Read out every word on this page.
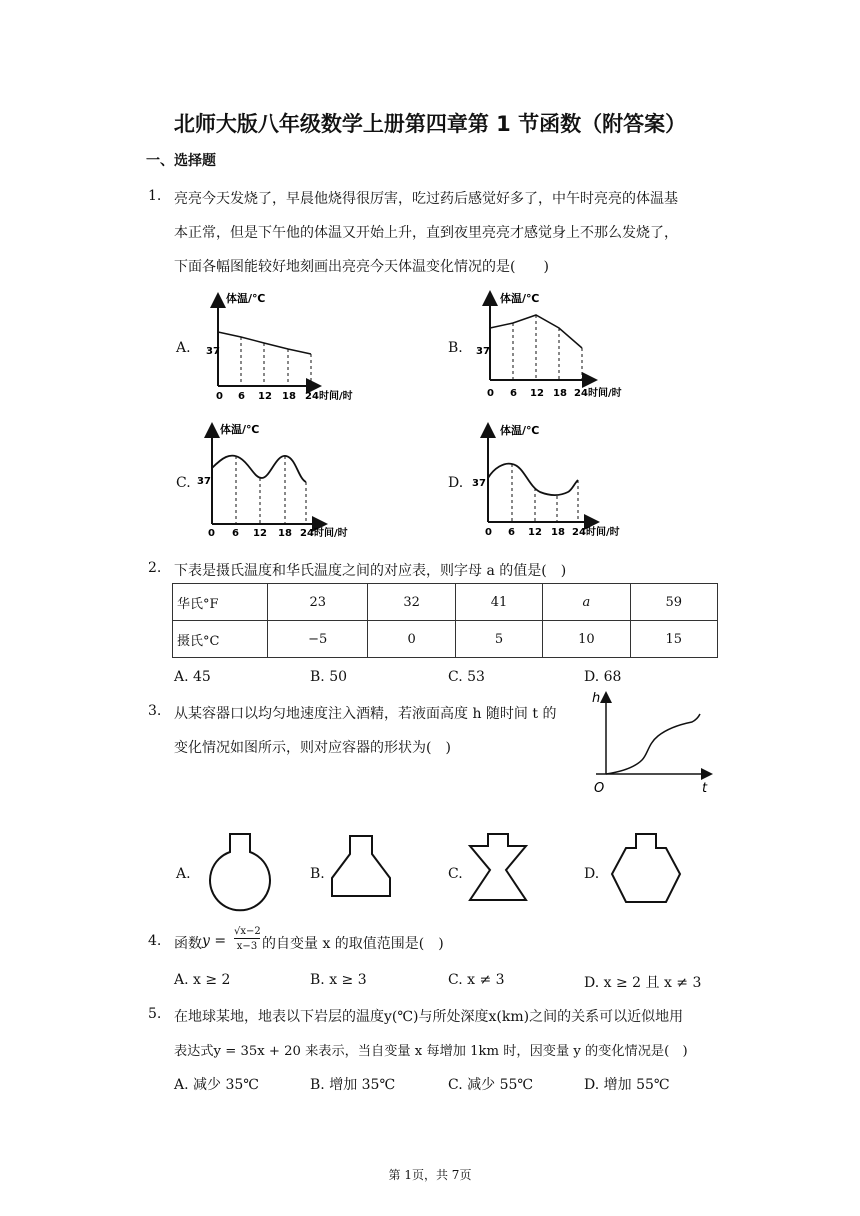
北师大版八年级数学上册第四章第 1 节函数（附答案）
一、选择题
1. 亮亮今天发烧了，早晨他烧得很厉害，吃过药后感觉好多了，中午时亮亮的体温基
本正常，但是下午他的体温又开始上升，直到夜里亮亮才感觉身上不那么发烧了，
下面各幅图能较好地刻画出亮亮今天体温变化情况的是(　　)
A.	B.
C.	D.
体温/℃
37
0 6 12 18 24 时间/时
体温/℃
37
0 6 12 18 24 时间/时
体温/℃
37
0 6 12 18 24 时间/时
体温/℃
37
0 6 12 18 24 时间/时
2. 下表是摄氏温度和华氏温度之间的对应表，则字母 a 的值是(　)
华氏°F	23	32	41	a	59
摄氏°C	−5	0	5	10	15
A. 45	B. 50	C. 53	D. 68
3. 从某容器口以均匀地速度注入酒精，若液面高度 h 随时间 t 的
变化情况如图所示，则对应容器的形状为(　)
h
O	t
A.	B.	C.	D.
4. 函数 y =
√x−2
x−3 的自变量 x 的取值范围是(　)
A. x ≥ 2	B. x ≥ 3	C. x ≠ 3	D. x ≥ 2 且 x ≠ 3
5. 在地球某地，地表以下岩层的温度y(℃)与所处深度x(km)之间的关系可以近似地用
表达式y = 35x + 20 来表示，当自变量 x 每增加 1km 时，因变量 y 的变化情况是(　)
A. 减少 35℃	B. 增加 35℃	C. 减少 55℃	D. 增加 55℃
第 1页，共 7页
